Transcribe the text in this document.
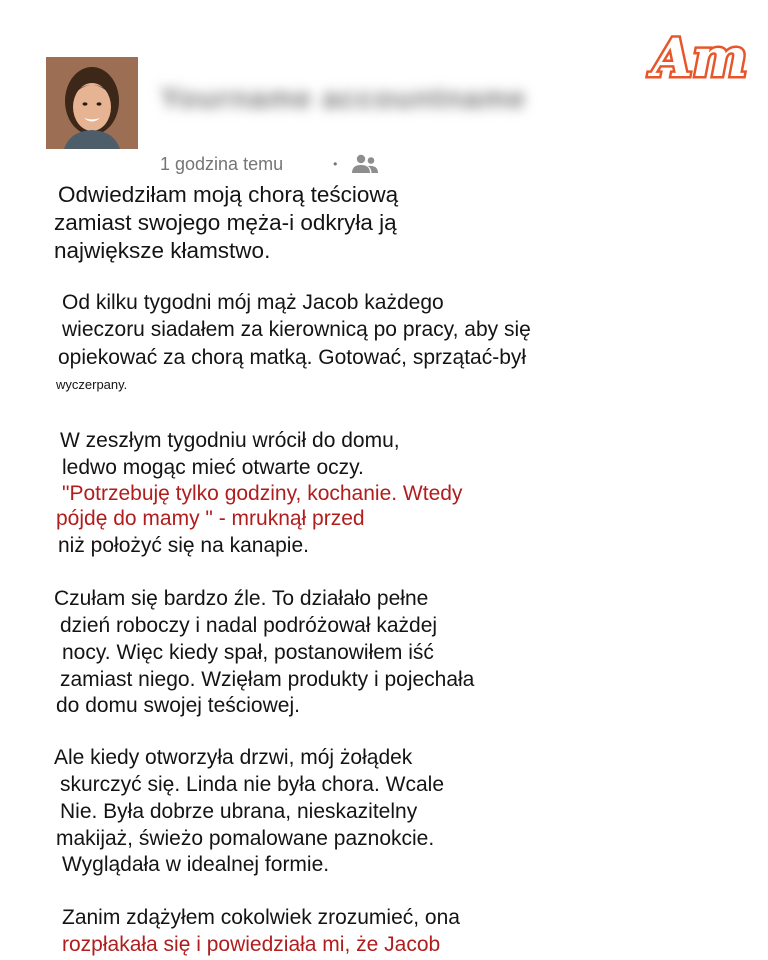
Yourname accountname
1 godzina temu	•
Am

Odwiedziłam moją chorą teściową

zamiast swojego męża-i odkryła ją

największe kłamstwo.

Od kilku tygodni mój mąż Jacob każdego

wieczoru siadałem za kierownicą po pracy, aby się

opiekować za chorą matką. Gotować, sprzątać-był

wyczerpany.

W zeszłym tygodniu wrócił do domu,

ledwo mogąc mieć otwarte oczy.

"Potrzebuję tylko godziny, kochanie. Wtedy

pójdę do mamy " - mruknął przed

niż położyć się na kanapie.

Czułam się bardzo źle. To działało pełne

dzień roboczy i nadal podróżował każdej

nocy. Więc kiedy spał, postanowiłem iść

zamiast niego. Wzięłam produkty i pojechała

do domu swojej teściowej.

Ale kiedy otworzyła drzwi, mój żołądek

skurczyć się. Linda nie była chora. Wcale

Nie. Była dobrze ubrana, nieskazitelny

makijaż, świeżo pomalowane paznokcie.

Wyglądała w idealnej formie.

Zanim zdążyłem cokolwiek zrozumieć, ona

rozpłakała się i powiedziała mi, że Jacob
